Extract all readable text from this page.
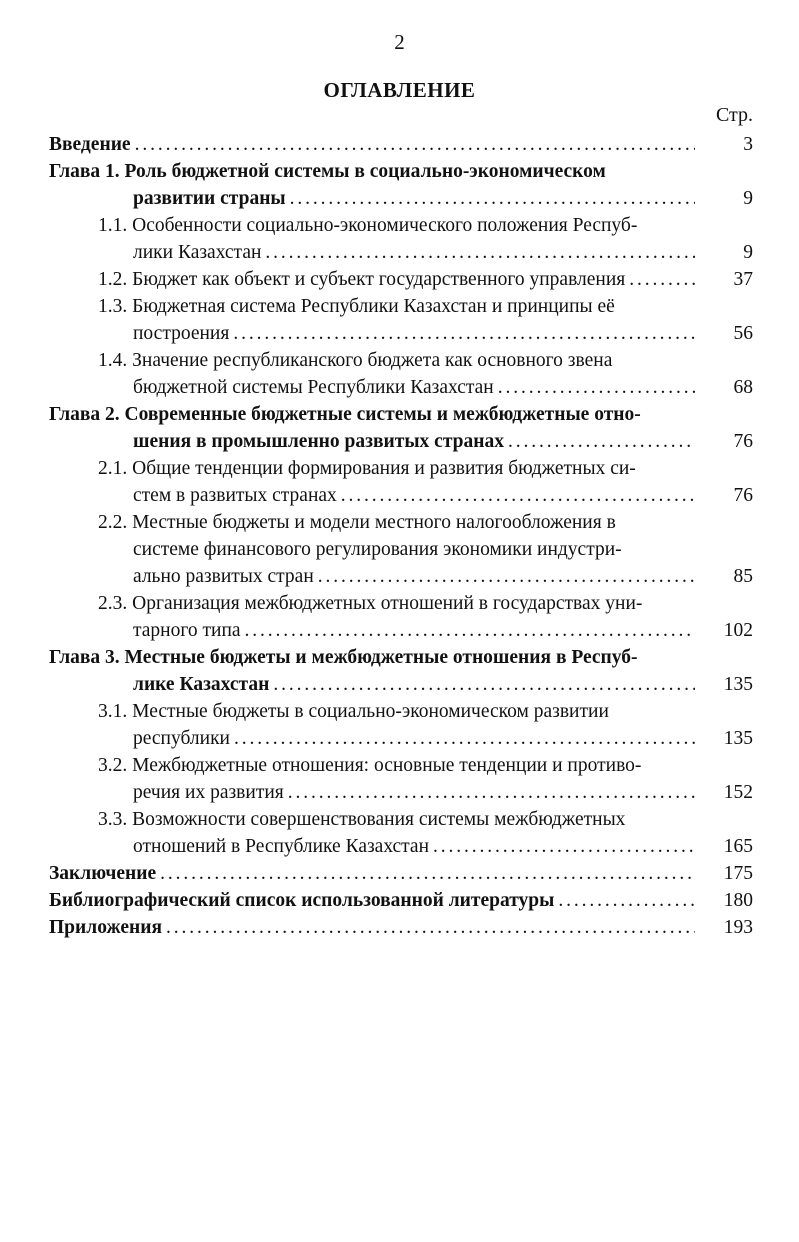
2
ОГЛАВЛЕНИЕ
Стр.
Введение . . .	3
Глава 1. Роль бюджетной системы в социально-экономическом
развитии страны . . .	9
1.1. Особенности социально-экономического положения Респуб-
лики Казахстан . . .	9
1.2. Бюджет как объект и субъект государственного управления . . .	37
1.3. Бюджетная система Республики Казахстан и принципы её
построения . . .	56
1.4. Значение республиканского бюджета как основного звена
бюджетной системы Республики Казахстан . . .	68
Глава 2. Современные бюджетные системы и межбюджетные отно-
шения в промышленно развитых странах . . .	76
2.1. Общие тенденции формирования и развития бюджетных си-
стем в развитых странах . . .	76
2.2. Местные бюджеты и модели местного налогообложения в
системе финансового регулирования экономики индустри-
ально развитых стран . . .	85
2.3. Организация межбюджетных отношений в государствах уни-
тарного типа . . .	102
Глава 3. Местные бюджеты и межбюджетные отношения в Респуб-
лике Казахстан . . .	135
3.1. Местные бюджеты в социально-экономическом развитии
республики . . .	135
3.2. Межбюджетные отношения: основные тенденции и противо-
речия их развития . . .	152
3.3. Возможности совершенствования системы межбюджетных
отношений в Республике Казахстан . . .	165
Заключение . . .	175
Библиографический список использованной литературы . . .	180
Приложения . . .	193
